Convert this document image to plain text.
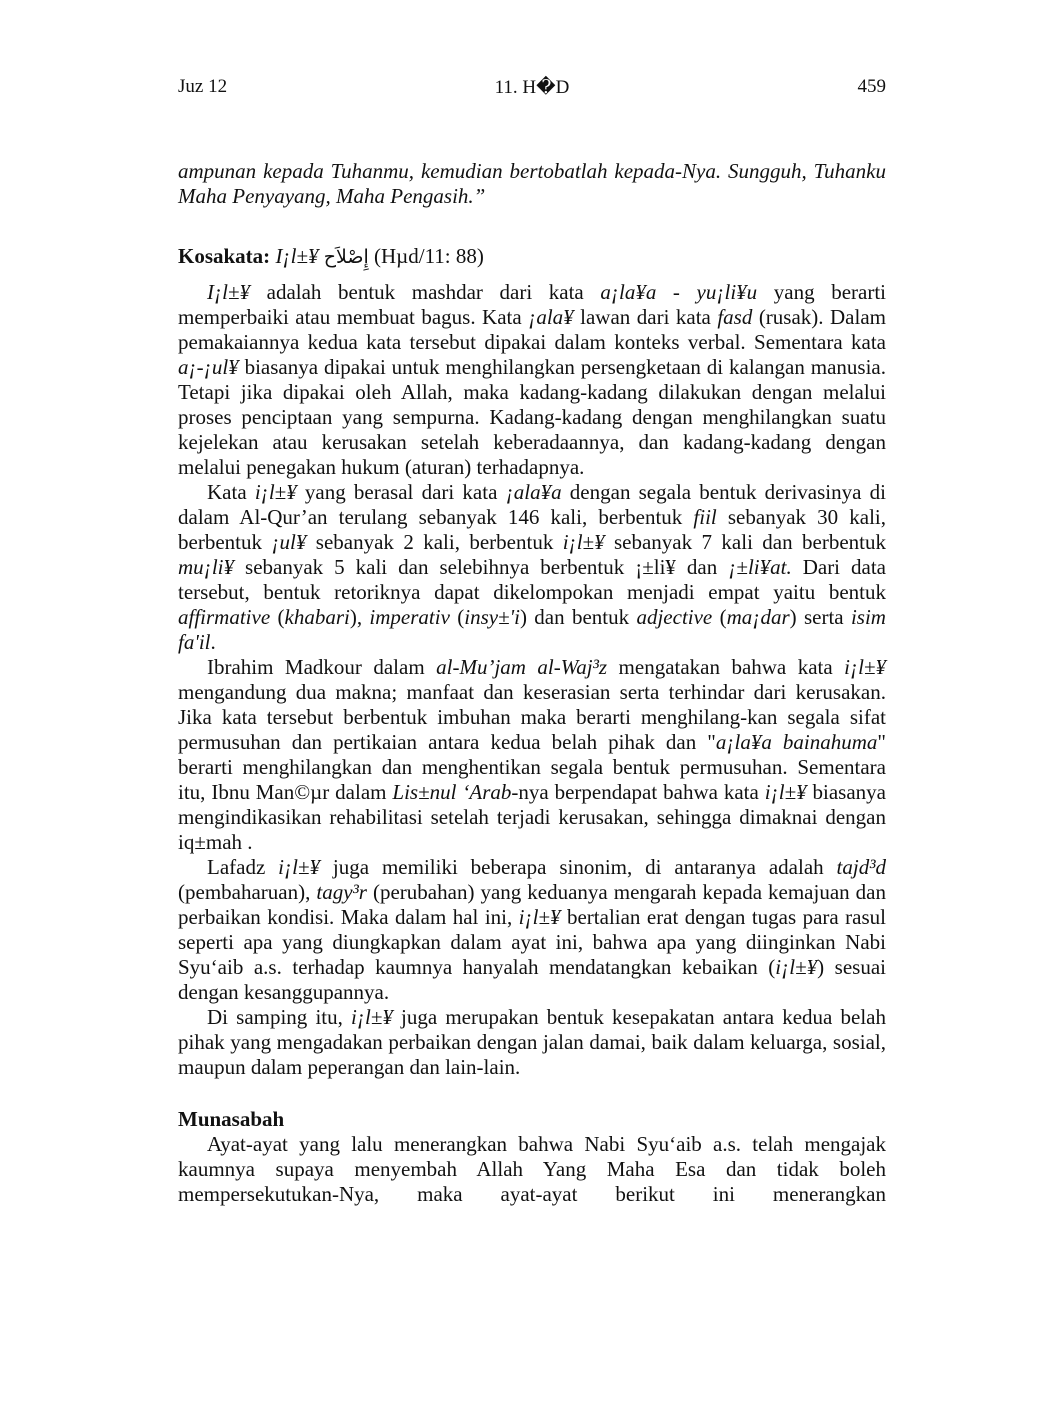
Juz 12	11. H�D	459

ampunan kepada Tuhanmu, kemudian bertobatlah kepada-Nya. Sungguh, Tuhanku Maha Penyayang, Maha Pengasih.”

Kosakata: I¡l±¥ إِصْلاَح (Hµd/11: 88)

I¡l±¥ adalah bentuk mashdar dari kata a¡la¥a - yu¡li¥u yang berarti memperbaiki atau membuat bagus. Kata ¡ala¥ lawan dari kata fasd (rusak). Dalam pemakaiannya kedua kata tersebut dipakai dalam konteks verbal. Sementara kata a¡-¡ul¥ biasanya dipakai untuk menghilangkan persengketaan di kalangan manusia. Tetapi jika dipakai oleh Allah, maka kadang-kadang dilakukan dengan melalui proses penciptaan yang sempurna. Kadang-kadang dengan menghilangkan suatu kejelekan atau kerusakan setelah keberadaannya, dan kadang-kadang dengan melalui penegakan hukum (aturan) terhadapnya.

Kata i¡l±¥ yang berasal dari kata ¡ala¥a dengan segala bentuk derivasinya di dalam Al-Qur’an terulang sebanyak 146 kali, berbentuk fiil sebanyak 30 kali, berbentuk ¡ul¥ sebanyak 2 kali, berbentuk i¡l±¥ sebanyak 7 kali dan berbentuk mu¡li¥ sebanyak 5 kali dan selebihnya berbentuk ¡±li¥ dan ¡±li¥at. Dari data tersebut, bentuk retoriknya dapat dikelompokan menjadi empat yaitu bentuk affirmative (khabari), imperativ (insy±'i) dan bentuk adjective (ma¡dar) serta isim fa'il.

Ibrahim Madkour dalam al-Mu’jam al-Waj³z mengatakan bahwa kata i¡l±¥ mengandung dua makna; manfaat dan keserasian serta terhindar dari kerusakan. Jika kata tersebut berbentuk imbuhan maka berarti menghilang-kan segala sifat permusuhan dan pertikaian antara kedua belah pihak dan "a¡la¥a bainahuma" berarti menghilangkan dan menghentikan segala bentuk permusuhan. Sementara itu, Ibnu Man©µr dalam Lis±nul ‘Arab-nya berpendapat bahwa kata i¡l±¥ biasanya mengindikasikan rehabilitasi setelah terjadi kerusakan, sehingga dimaknai dengan iq±mah .

Lafadz i¡l±¥ juga memiliki beberapa sinonim, di antaranya adalah tajd³d (pembaharuan), tagy³r (perubahan) yang keduanya mengarah kepada kemajuan dan perbaikan kondisi. Maka dalam hal ini, i¡l±¥ bertalian erat dengan tugas para rasul seperti apa yang diungkapkan dalam ayat ini, bahwa apa yang diinginkan Nabi Syu‘aib a.s. terhadap kaumnya hanyalah mendatangkan kebaikan (i¡l±¥) sesuai dengan kesanggupannya.

Di samping itu, i¡l±¥ juga merupakan bentuk kesepakatan antara kedua belah pihak yang mengadakan perbaikan dengan jalan damai, baik dalam keluarga, sosial, maupun dalam peperangan dan lain-lain.

Munasabah

Ayat-ayat yang lalu menerangkan bahwa Nabi Syu‘aib a.s. telah mengajak kaumnya supaya menyembah Allah Yang Maha Esa dan tidak boleh mempersekutukan-Nya, maka ayat-ayat berikut ini menerangkan
